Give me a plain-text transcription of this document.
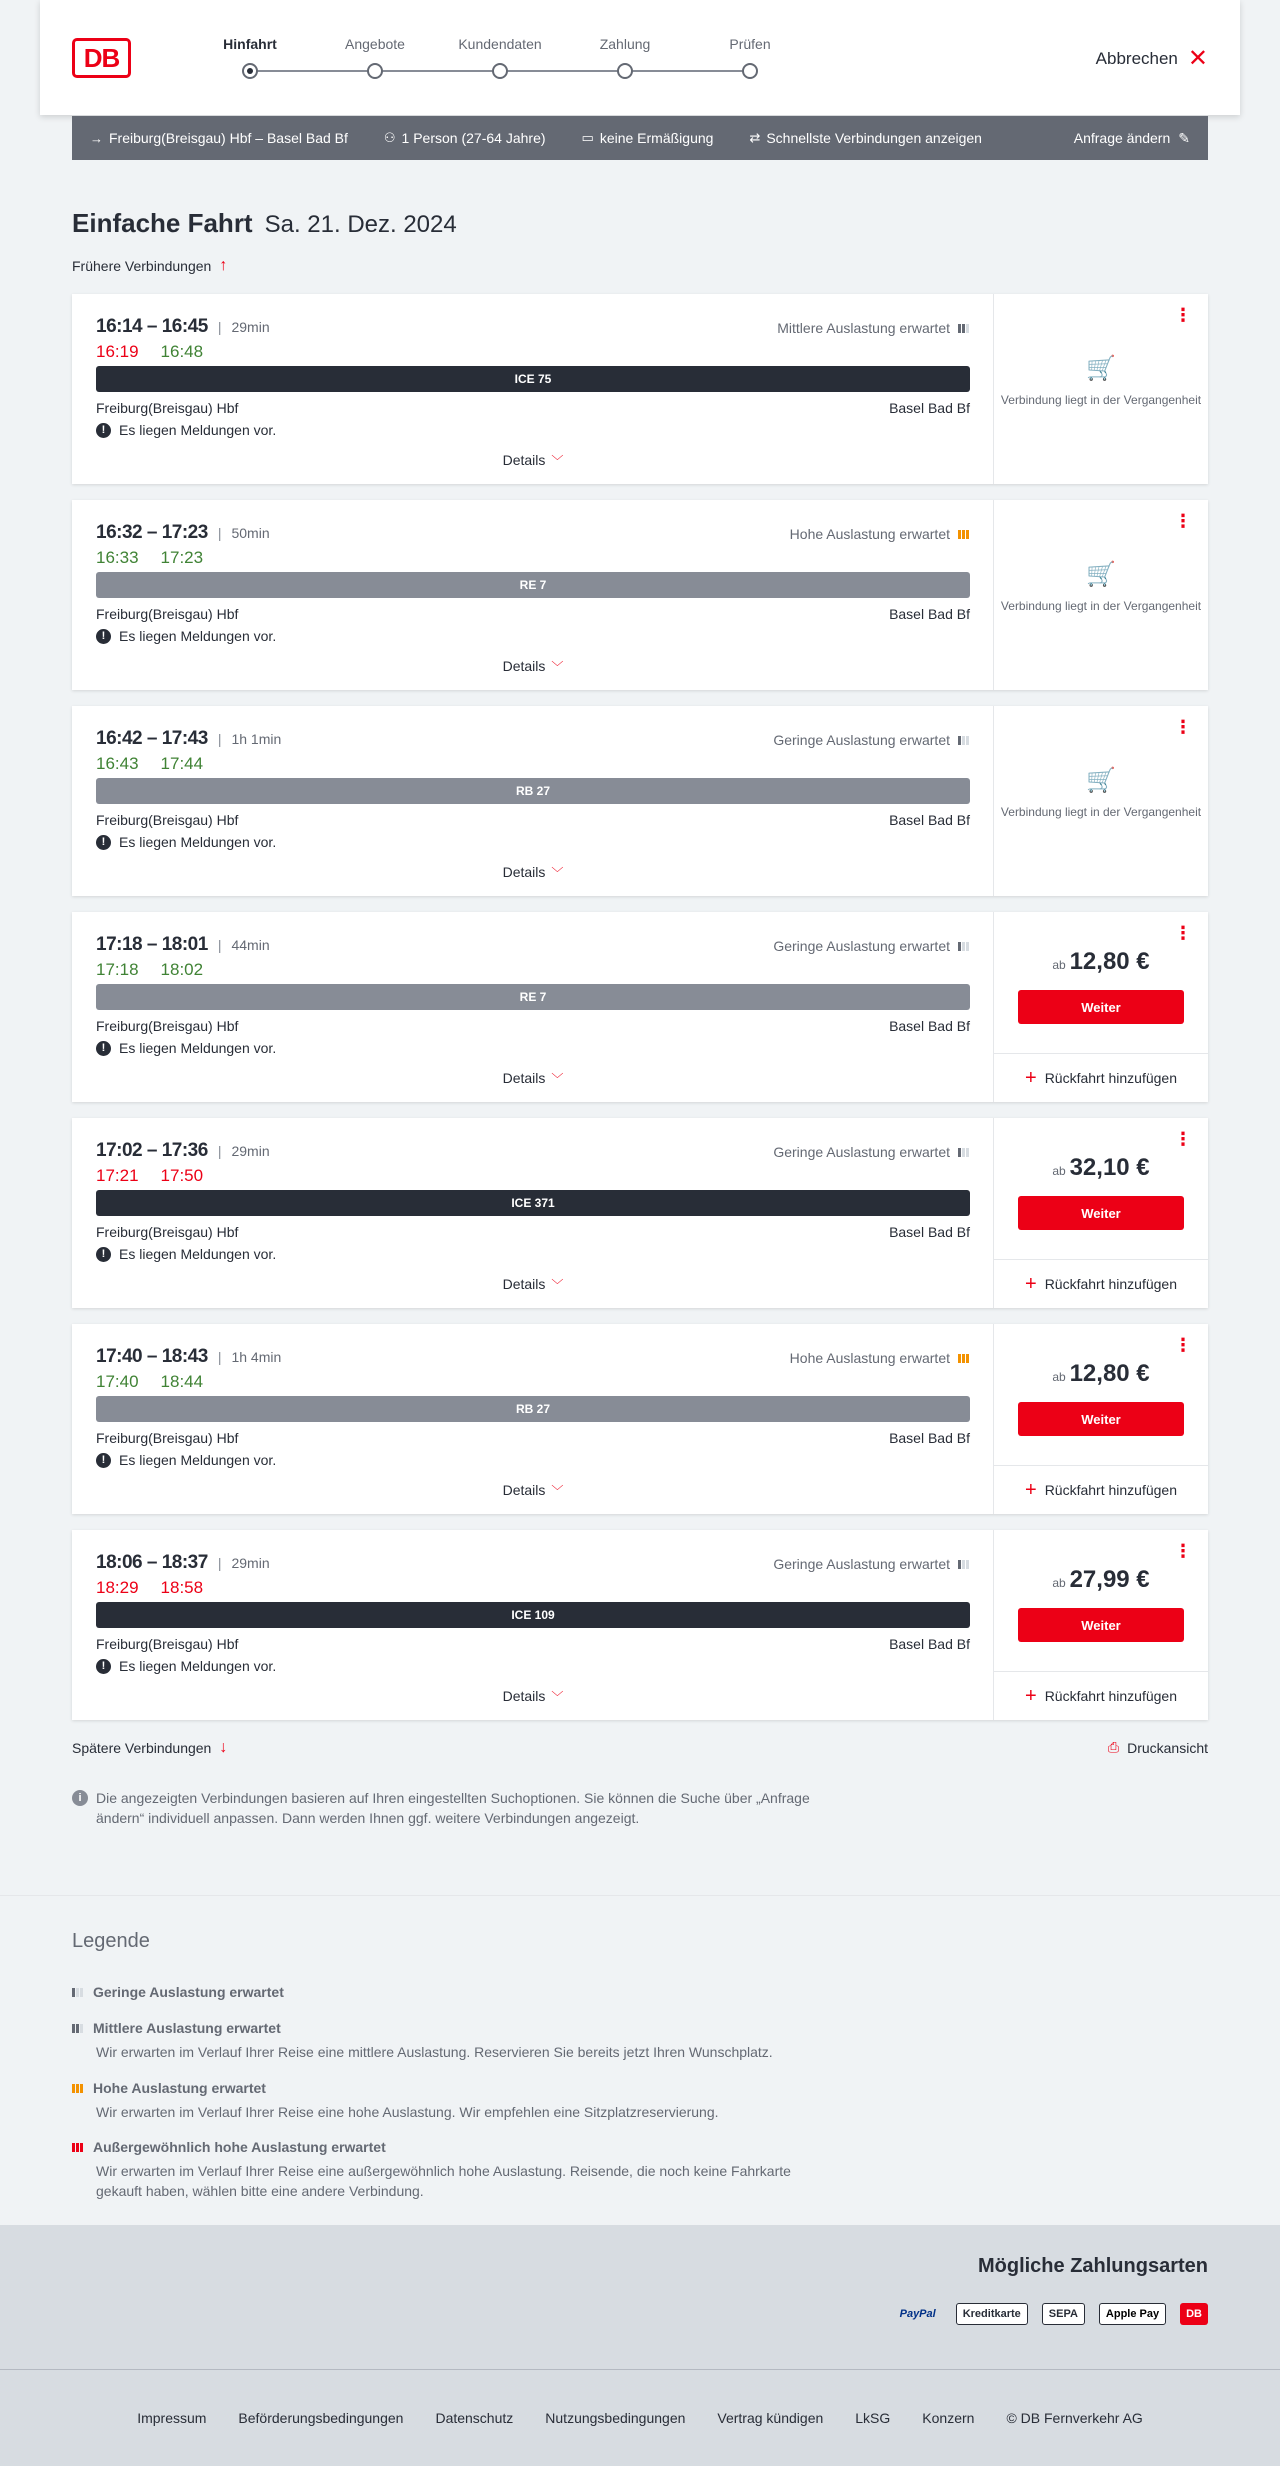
DB	Hinfahrt	Angebote	Kundendaten	Zahlung	Prüfen
Abbrechen ✕
→ Freiburg(Breisgau) Hbf – Basel Bad Bf	⚇ 1 Person (27-64 Jahre)	▭ keine Ermäßigung	⇄ Schnellste Verbindungen anzeigen	Anfrage ändern ✎
Einfache Fahrt Sa. 21. Dez. 2024
Frühere Verbindungen ↑
16:14 – 16:45 | 29min
16:19 16:48
Mittlere Auslastung erwartet
ICE 75
Freiburg(Breisgau) Hbf	Basel Bad Bf
! Es liegen Meldungen vor.
Details ﹀
⋮
🛒
Verbindung liegt in der Vergangenheit
16:32 – 17:23 | 50min
16:33 17:23
Hohe Auslastung erwartet
RE 7
Freiburg(Breisgau) Hbf	Basel Bad Bf
! Es liegen Meldungen vor.
Details ﹀
⋮
🛒
Verbindung liegt in der Vergangenheit
16:42 – 17:43 | 1h 1min
16:43 17:44
Geringe Auslastung erwartet
RB 27
Freiburg(Breisgau) Hbf	Basel Bad Bf
! Es liegen Meldungen vor.
Details ﹀
⋮
🛒
Verbindung liegt in der Vergangenheit
17:18 – 18:01 | 44min
17:18 18:02
Geringe Auslastung erwartet
RE 7
Freiburg(Breisgau) Hbf	Basel Bad Bf
! Es liegen Meldungen vor.
Details ﹀
⋮
ab 12,80 €
Weiter
+ Rückfahrt hinzufügen
17:02 – 17:36 | 29min
17:21 17:50
Geringe Auslastung erwartet
ICE 371
Freiburg(Breisgau) Hbf	Basel Bad Bf
! Es liegen Meldungen vor.
Details ﹀
⋮
ab 32,10 €
Weiter
+ Rückfahrt hinzufügen
17:40 – 18:43 | 1h 4min
17:40 18:44
Hohe Auslastung erwartet
RB 27
Freiburg(Breisgau) Hbf	Basel Bad Bf
! Es liegen Meldungen vor.
Details ﹀
⋮
ab 12,80 €
Weiter
+ Rückfahrt hinzufügen
18:06 – 18:37 | 29min
18:29 18:58
Geringe Auslastung erwartet
ICE 109
Freiburg(Breisgau) Hbf	Basel Bad Bf
! Es liegen Meldungen vor.
Details ﹀
⋮
ab 27,99 €
Weiter
+ Rückfahrt hinzufügen
Spätere Verbindungen ↓	⎙ Druckansicht
i	Die angezeigten Verbindungen basieren auf Ihren eingestellten Suchoptionen. Sie können die Suche über „Anfrage ändern“ individuell anpassen. Dann werden Ihnen ggf. weitere Verbindungen angezeigt.
Legende
Geringe Auslastung erwartet
Mittlere Auslastung erwartet
Wir erwarten im Verlauf Ihrer Reise eine mittlere Auslastung. Reservieren Sie bereits jetzt Ihren Wunschplatz.
Hohe Auslastung erwartet
Wir erwarten im Verlauf Ihrer Reise eine hohe Auslastung. Wir empfehlen eine Sitzplatzreservierung.
Außergewöhnlich hohe Auslastung erwartet
Wir erwarten im Verlauf Ihrer Reise eine außergewöhnlich hohe Auslastung. Reisende, die noch keine Fahrkarte gekauft haben, wählen bitte eine andere Verbindung.
Mögliche Zahlungsarten
PayPal	Kreditkarte	SEPA	Apple Pay	DB
Impressum Beförderungsbedingungen Datenschutz Nutzungsbedingungen Vertrag kündigen LkSG Konzern © DB Fernverkehr AG
